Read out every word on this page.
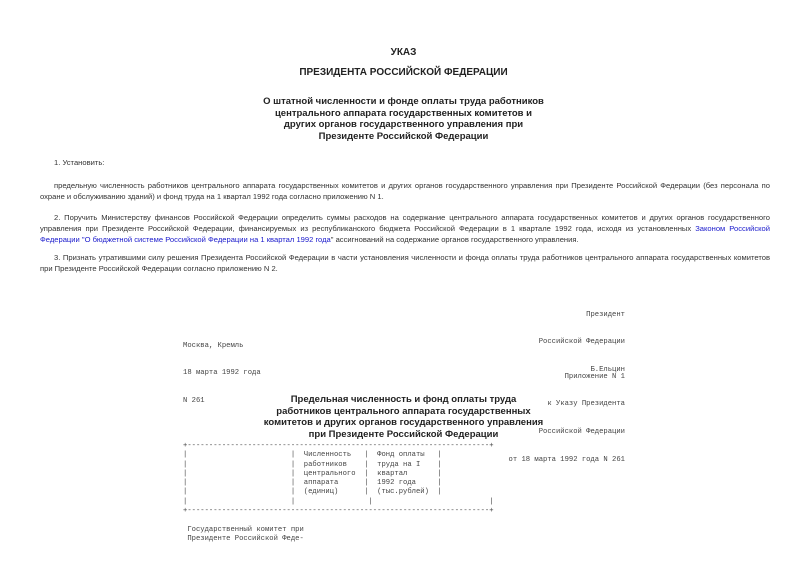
УКАЗ
ПРЕЗИДЕНТА РОССИЙСКОЙ ФЕДЕРАЦИИ
О штатной численности и фонде оплаты труда работников
центрального аппарата государственных комитетов и
других органов государственного управления при
Президенте Российской Федерации
1. Установить:
предельную численность работников центрального аппарата государственных комитетов и других органов государственного управления при Президенте Российской Федерации (без персонала по охране и обслуживанию зданий) и фонд труда на 1 квартал 1992 года согласно приложению N 1.
2. Поручить Министерству финансов Российской Федерации определить суммы расходов на содержание центрального аппарата государственных комитетов и других органов государственного управления при Президенте Российской Федерации, финансируемых из республиканского бюджета Российской Федерации в 1 квартале 1992 года, исходя из установленных Законом Российской Федерации "О бюджетной системе Российской Федерации на 1 квартал 1992 года" ассигнований на содержание органов государственного управления.
3. Признать утратившими силу решения Президента Российской Федерации в части установления численности и фонда оплаты труда работников центрального аппарата государственных комитетов при Президенте Российской Федерации согласно приложению N 2.

Президент

Российской Федерации

Б.Ельцин

Москва, Кремль

18 марта 1992 года

N 261

Приложение N 1

к Указу Президента

Российской Федерации

от 18 марта 1992 года N 261

Предельная численность и фонд оплаты труда
работников центрального аппарата государственных
комитетов и других органов государственного управления
при Президенте Российской Федерации
+----------------------------------------------------------------------+
|                        |  Численность   |  Фонд оплаты   |
|                        |  работников    |  труда на I    |
|                        |  центрального  |  квартал       |
|                        |  аппарата      |  1992 года     |
|                        |  (единиц)      |  (тыс.рублей)  |
|                        |                 |                           |
+----------------------------------------------------------------------+

Государственный комитет при
Президенте Российской Феде-
